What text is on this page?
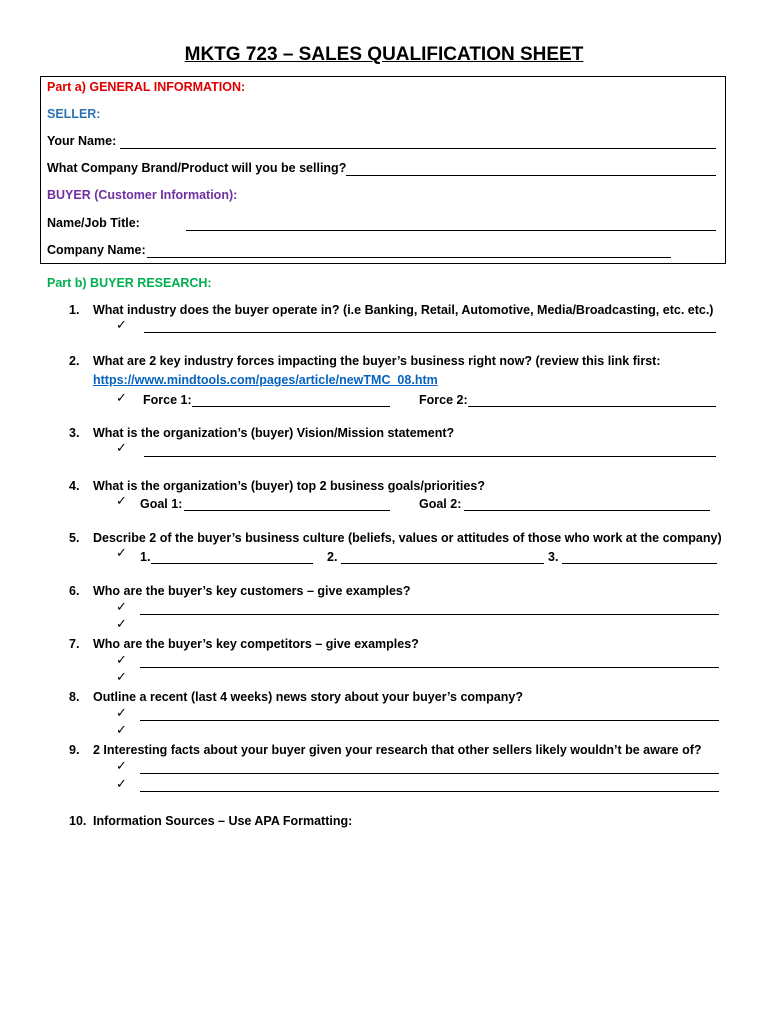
MKTG 723 – SALES QUALIFICATION SHEET
Part a) GENERAL INFORMATION:
SELLER:
Your Name:
What Company Brand/Product will you be selling?
BUYER (Customer Information):
Name/Job Title:
Company Name:
Part b) BUYER RESEARCH:
1. What industry does the buyer operate in? (i.e Banking, Retail, Automotive, Media/Broadcasting, etc. etc.)
✓
2. What are 2 key industry forces impacting the buyer’s business right now? (review this link first:
https://www.mindtools.com/pages/article/newTMC_08.htm
✓ Force 1:	Force 2:
3. What is the organization’s (buyer) Vision/Mission statement?
✓
4. What is the organization’s (buyer) top 2 business goals/priorities?
✓ Goal 1:	Goal 2:
5. Describe 2 of the buyer’s business culture (beliefs, values or attitudes of those who work at the company)
✓ 1.	2.	3.
6. Who are the buyer’s key customers – give examples?
✓
✓
7. Who are the buyer’s key competitors – give examples?
✓
✓
8. Outline a recent (last 4 weeks) news story about your buyer’s company?
✓
✓
9. 2 Interesting facts about your buyer given your research that other sellers likely wouldn’t be aware of?
✓
✓
10. Information Sources – Use APA Formatting:
